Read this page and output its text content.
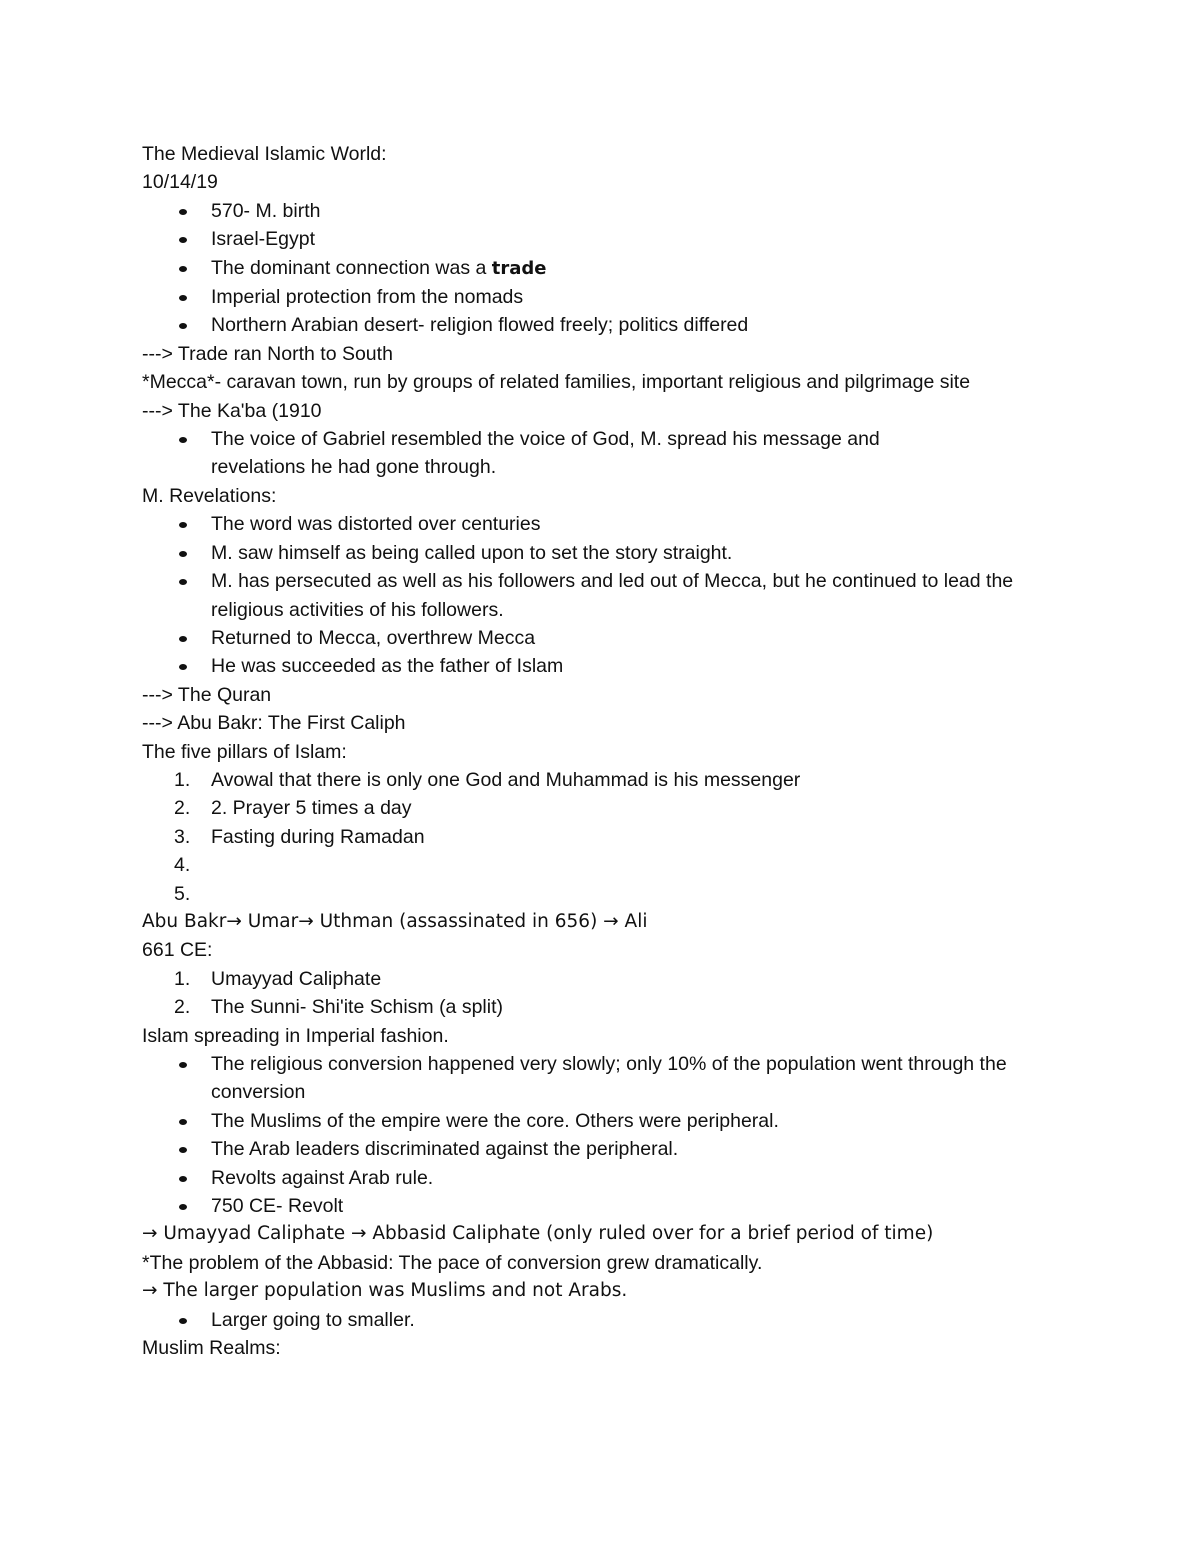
The Medieval Islamic World:
10/14/19
570- M. birth
Israel-Egypt
The dominant connection was a trade
Imperial protection from the nomads
Northern Arabian desert- religion flowed freely; politics differed
---> Trade ran North to South
*Mecca*- caravan town, run by groups of related families, important religious and pilgrimage site
---> The Ka'ba (1910
The voice of Gabriel resembled the voice of God, M. spread his message and revelations he had gone through.
M. Revelations:
The word was distorted over centuries
M. saw himself as being called upon to set the story straight.
M. has persecuted as well as his followers and led out of Mecca, but he continued to lead the religious activities of his followers.
Returned to Mecca, overthrew Mecca
He was succeeded as the father of Islam
---> The Quran
---> Abu Bakr: The First Caliph
The five pillars of Islam:
1. Avowal that there is only one God and Muhammad is his messenger
2. 2. Prayer 5 times a day
3. Fasting during Ramadan
4.

5.

Abu Bakr→ Umar→ Uthman (assassinated in 656) → Ali
661 CE:
1. Umayyad Caliphate
2. The Sunni- Shi'ite Schism (a split)
Islam spreading in Imperial fashion.
The religious conversion happened very slowly; only 10% of the population went through the conversion
The Muslims of the empire were the core. Others were peripheral.
The Arab leaders discriminated against the peripheral.
Revolts against Arab rule.
750 CE- Revolt
→ Umayyad Caliphate → Abbasid Caliphate (only ruled over for a brief period of time)
*The problem of the Abbasid: The pace of conversion grew dramatically.
→ The larger population was Muslims and not Arabs.
Larger going to smaller.
Muslim Realms:
